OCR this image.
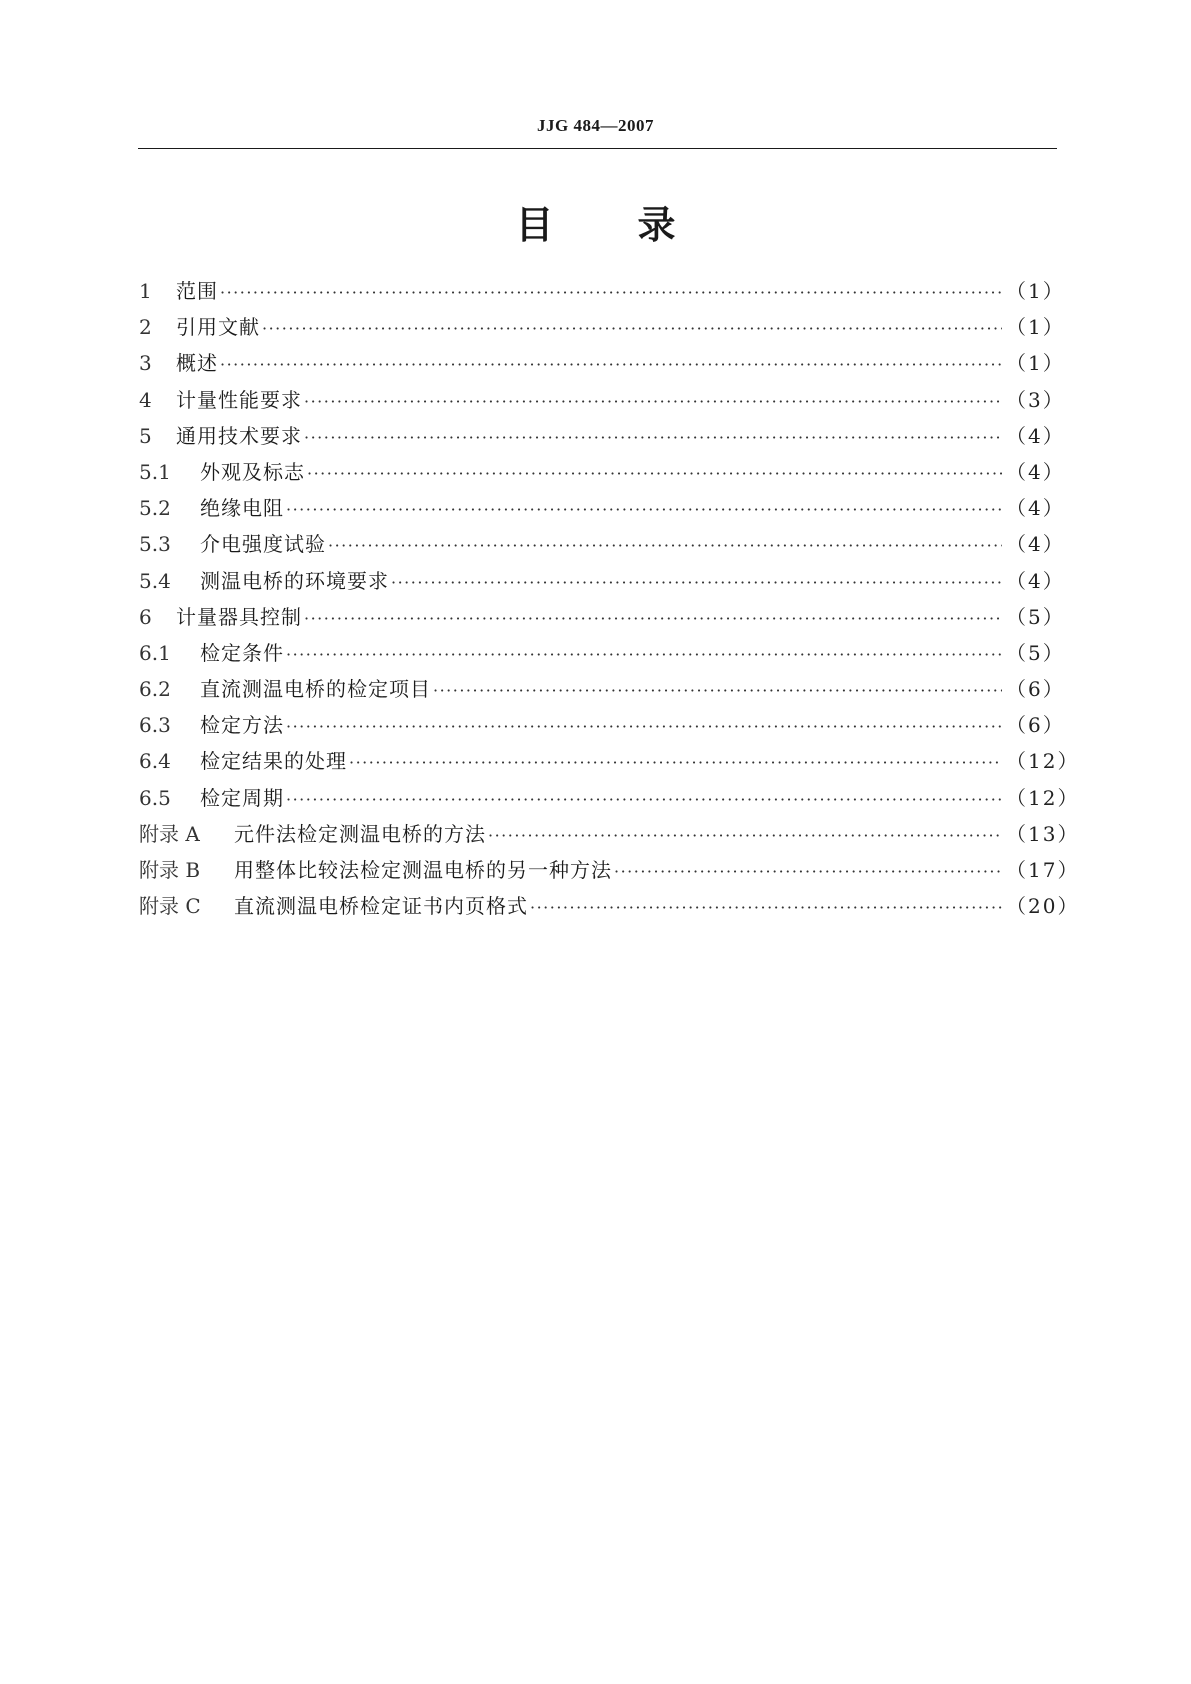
JJG 484—2007
目 录
1	范围 ·····	（1）
2	引用文献 ·····	（1）
3	概述 ·····	（1）
4	计量性能要求 ·····	（3）
5	通用技术要求 ·····	（4）
5.1	外观及标志 ·····	（4）
5.2	绝缘电阻 ·····	（4）
5.3	介电强度试验 ·····	（4）
5.4	测温电桥的环境要求 ·····	（4）
6	计量器具控制 ·····	（5）
6.1	检定条件 ·····	（5）
6.2	直流测温电桥的检定项目 ·····	（6）
6.3	检定方法 ·····	（6）
6.4	检定结果的处理 ·····	（12）
6.5	检定周期 ·····	（12）
附录 A	元件法检定测温电桥的方法 ·····	（13）
附录 B	用整体比较法检定测温电桥的另一种方法 ·····	（17）
附录 C	直流测温电桥检定证书内页格式 ·····	（20）
